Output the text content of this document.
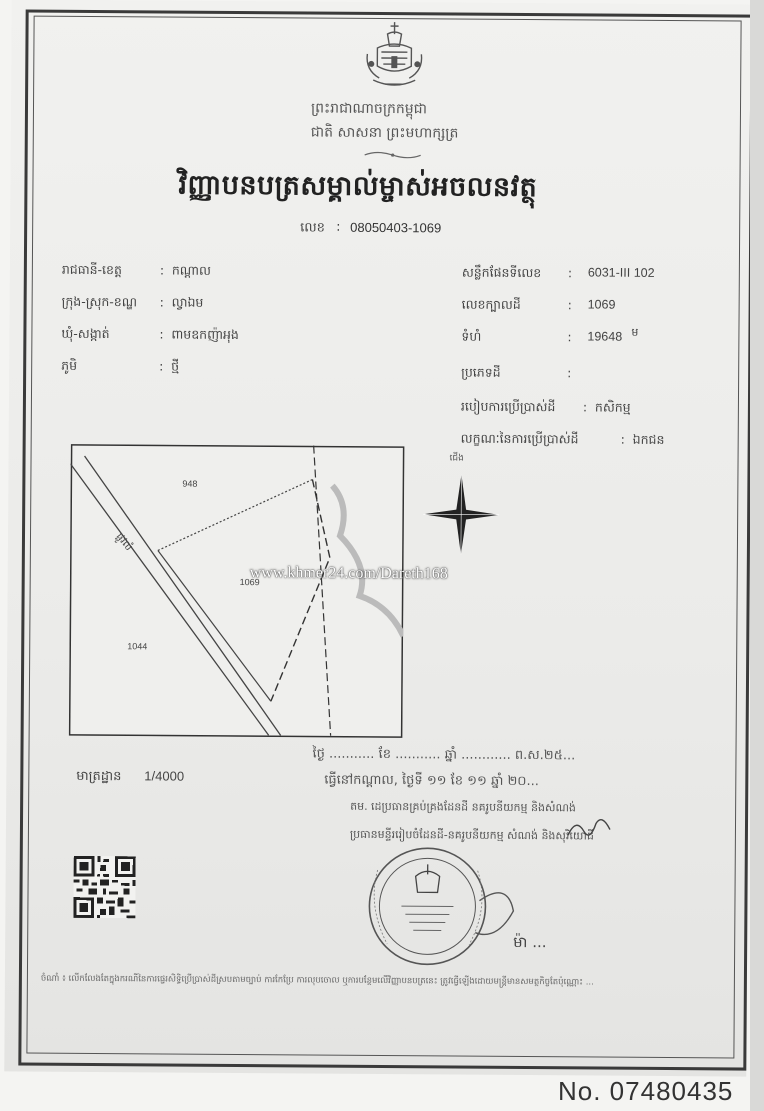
ព្រះរាជាណាចក្រកម្ពុជា
ជាតិ សាសនា ព្រះមហាក្សត្រ
វិញ្ញាបនបត្រសម្គាល់ម្ចាស់អចលនវត្ថុ
លេខ : 08050403-1069
រាជធានី-ខេត្ត	: កណ្តាល
ក្រុង-ស្រុក-ខណ្ឌ : ល្វាឯម
ឃុំ-សង្កាត់	: ពាមឧកញ៉ាអុង
ភូមិ	: ថ្មី
សន្លឹកផែនទីលេខ : 6031-III 102
លេខក្បាលដី	: 1069
ទំហំ	: 19648 ម
ប្រភេទដី	:
របៀបការប្រើប្រាស់ដី : កសិកម្ម
លក្ខណៈនៃការប្រើប្រាស់ដី	: ឯកជន
948
1069
1044
ផ្លូវលំ
ជើង
www.khmer24.com/Dareth168
មាត្រដ្ឋាន 1/4000
ថ្ងៃ ........... ខែ ........... ឆ្នាំ ............ ព.ស.២៥...
ធ្វើនៅកណ្តាល, ថ្ងៃទី ១១ ខែ ១១ ឆ្នាំ ២០...
តម. ដេប្រធានគ្រប់គ្រងដែនដី នគរូបនីយកម្ម និងសំណង់
ប្រធានមន្ទីររៀបចំដែនដី-នគរូបនីយកម្ម សំណង់ និងសុរិយោដី
ម៉ា ...
ចំណាំ ៖ លើកលែងតែក្នុងករណីនៃការផ្ទេរសិទ្ធិប្រើប្រាស់ដីស្របតាមច្បាប់ ការកែប្រែ ការលុបចោល ឬការបន្ថែមលើវិញ្ញាបនបត្រនេះ ត្រូវធ្វើឡើងដោយមន្ត្រីមានសមត្ថកិច្ចតែប៉ុណ្ណោះ ...
No. 07480435
